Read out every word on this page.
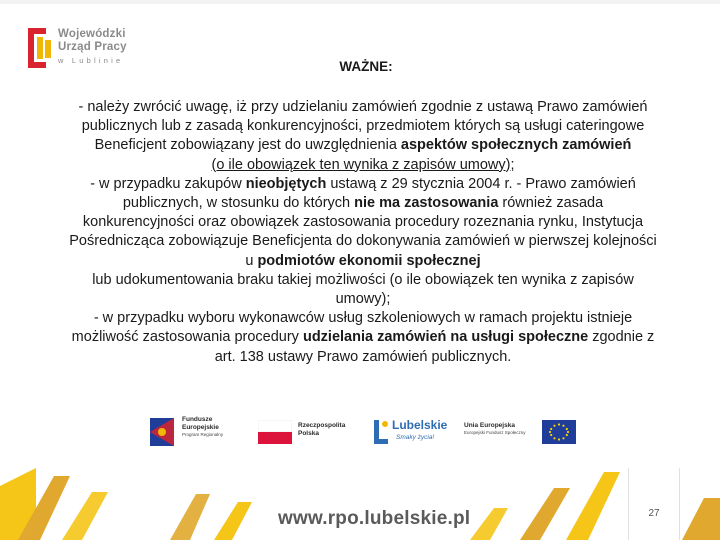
Wojewódzki
Urząd Pracy
w Lublinie	WAŻNE:

- należy zwrócić uwagę, iż przy udzielaniu zamówień zgodnie z ustawą Prawo zamówień publicznych lub z zasadą konkurencyjności, przedmiotem których są usługi cateringowe Beneficjent zobowiązany jest do uwzględnienia aspektów społecznych zamówień
(o ile obowiązek ten wynika z zapisów umowy);

- w przypadku zakupów nieobjętych ustawą z 29 stycznia 2004 r. - Prawo zamówień publicznych, w stosunku do których nie ma zastosowania również zasada konkurencyjności oraz obowiązek zastosowania procedury rozeznania rynku, Instytucja Pośrednicząca zobowiązuje Beneficjenta do dokonywania zamówień w pierwszej kolejności u podmiotów ekonomii społecznej
lub udokumentowania braku takiej możliwości (o ile obowiązek ten wynika z zapisów umowy);

- w przypadku wyboru wykonawców usług szkoleniowych w ramach projektu istnieje możliwość zastosowania procedury udzielania zamówień na usługi społeczne zgodnie z art. 138 ustawy Prawo zamówień publicznych.

Fundusze
Europejskie
Program Regionalny
Rzeczpospolita
Polska
Lubelskie
Smaky życia!
Unia Europejska
Europejski Fundusz Społeczny
www.rpo.lubelskie.pl	27
